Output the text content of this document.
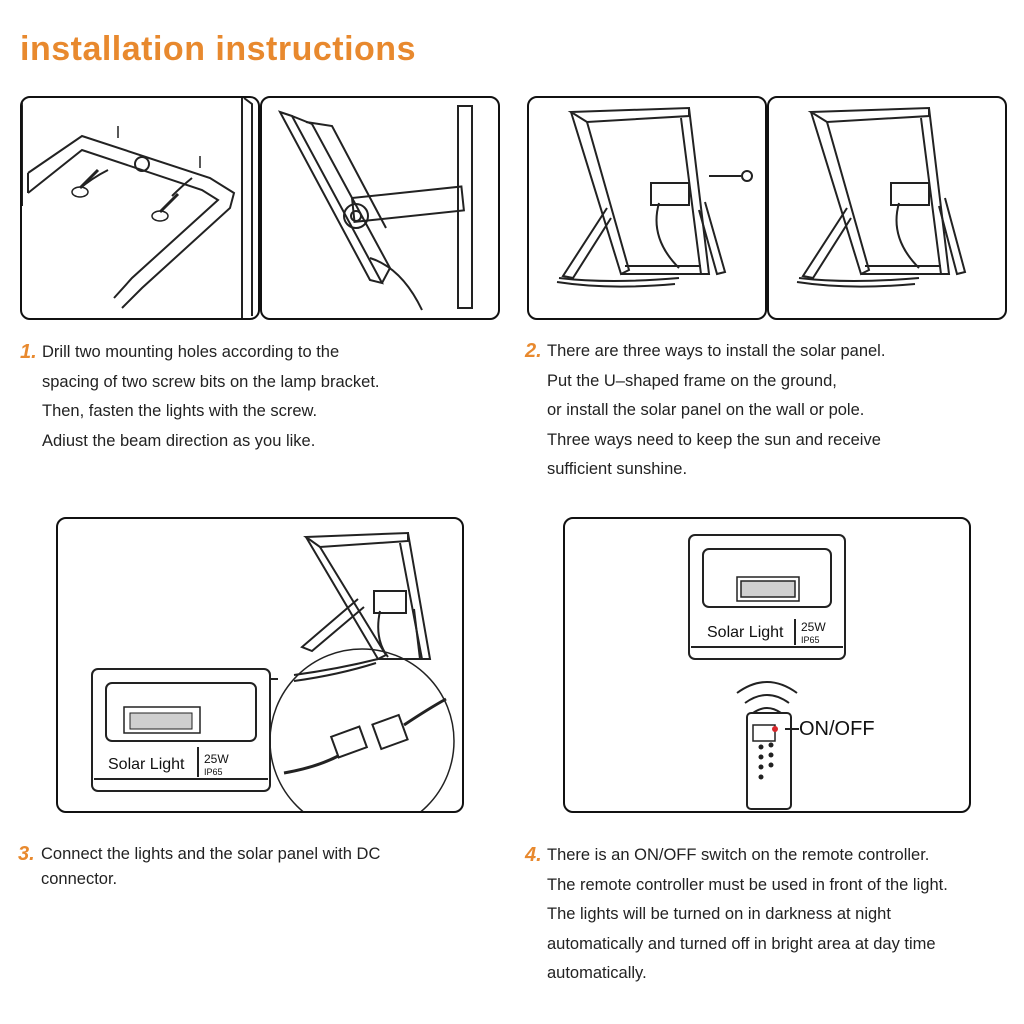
installation instructions
1. Drill two mounting holes according to the
spacing of two screw bits on the lamp bracket.
Then, fasten the lights with the screw.
Adiust the beam direction as you like.
2. There are three ways to install the solar panel.
Put the U–shaped frame on the ground,
or install the solar panel on the wall or pole.
Three ways need to keep the sun and receive
sufficient sunshine.
Solar Light 25W
IP65
Solar Light 25W
IP65
ON/OFF
3. Connect the lights and the solar panel with DC
connector.
4. There is an ON/OFF switch on the remote controller.
The remote controller must be used in front of the light.
The lights will be turned on in darkness at night
automatically and turned off in bright area at day time
automatically.
